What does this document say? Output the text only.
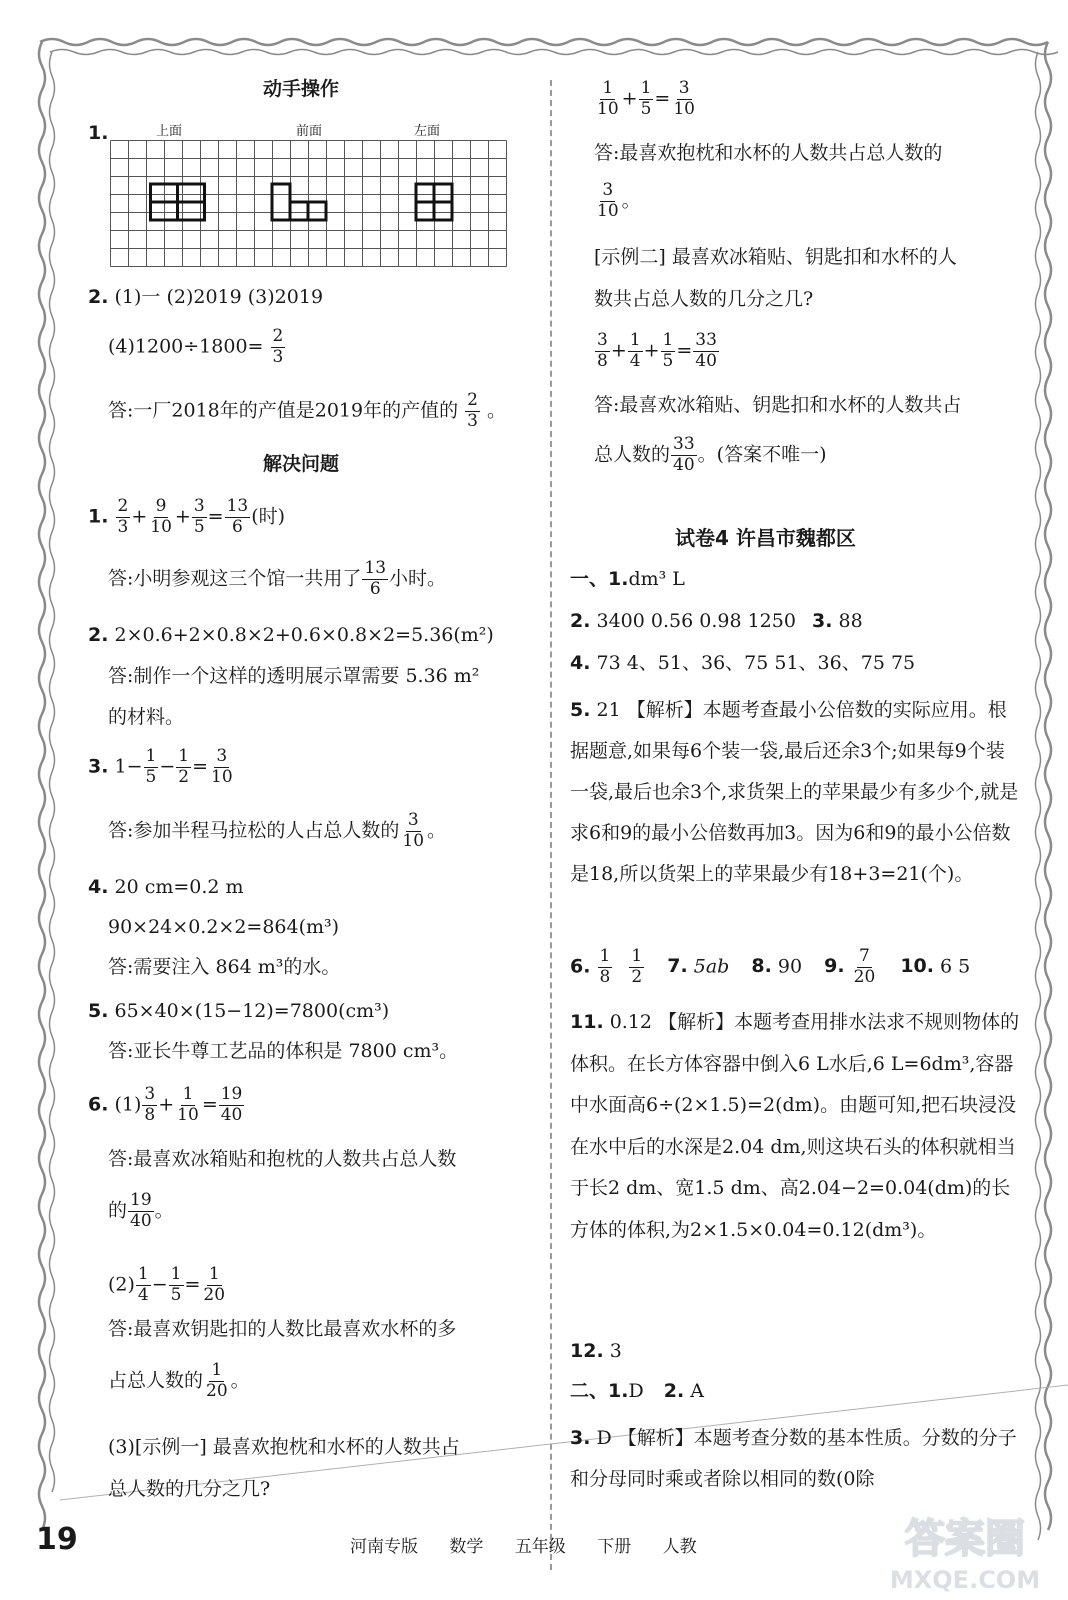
动手操作
1.	上面	前面	左面
2. (1)一 (2)2019 (3)2019
$(4)1200\div 1800= \frac{2}{3}$
答:一厂2018年的产值是2019年的产值的 $\frac{2}{3}$ 。
解决问题
1. $\frac{2}{3} + \frac{9}{10} + \frac{3}{5} = \frac{13}{6}$ (时)
答:小明参观这三个馆一共用了 $\frac{13}{6}$ 小时。
2. 2×0.6+2×0.8×2+0.6×0.8×2=5.36(m²)
答:制作一个这样的透明展示罩需要 5.36 m²
的材料。
3. $1- \frac{1}{5} - \frac{1}{2} = \frac{3}{10}$
答:参加半程马拉松的人占总人数的 $\frac{3}{10}$ 。
4. 20 cm=0.2 m
90×24×0.2×2=864(m³)
答:需要注入 864 m³的水。
5. 65×40×(15−12)=7800(cm³)
答:亚长牛尊工艺品的体积是 7800 cm³。
6. $(1) \frac{3}{8} + \frac{1}{10} = \frac{19}{40}$
答:最喜欢冰箱贴和抱枕的人数共占总人数
的 $\frac{19}{40}$ 。
$(2) \frac{1}{4} - \frac{1}{5} = \frac{1}{20}$
答:最喜欢钥匙扣的人数比最喜欢水杯的多
占总人数的 $\frac{1}{20}$ 。
(3)[示例一] 最喜欢抱枕和水杯的人数共占
总人数的几分之几?
$\frac{1}{10} + \frac{1}{5} = \frac{3}{10}$
答:最喜欢抱枕和水杯的人数共占总人数的
$\frac{3}{10}$ 。
[示例二] 最喜欢冰箱贴、钥匙扣和水杯的人
数共占总人数的几分之几?
$\frac{3}{8} + \frac{1}{4} + \frac{1}{5} = \frac{33}{40}$
答:最喜欢冰箱贴、钥匙扣和水杯的人数共占
总人数的 $\frac{33}{40}$ 。(答案不唯一)
试卷4 许昌市魏都区
一、1.dm³ L
2. 3400 0.56 0.98 1250 3. 88
4. 73 4、51、36、75 51、36、75 75
5. 21 【解析】本题考查最小公倍数的实际应用。根据题意,如果每6个装一袋,最后还余3个;如果每9个装一袋,最后也余3个,求货架上的苹果最少有多少个,就是求6和9的最小公倍数再加3。因为6和9的最小公倍数是18,所以货架上的苹果最少有18+3=21(个)。
6. $\frac{1}{8}$
$\frac{1}{2} 7$. 5ab 8. 90 9. $\frac{7}{20} 10$. 6 5
11. 0.12 【解析】本题考查用排水法求不规则物体的体积。在长方体容器中倒入6 L水后,6 L=6dm³,容器中水面高6÷(2×1.5)=2(dm)。由题可知,把石块浸没在水中后的水深是2.04 dm,则这块石头的体积就相当于长2 dm、宽1.5 dm、高2.04−2=0.04(dm)的长方体的体积,为2×1.5×0.04=0.12(dm³)。
12. 3
二、1.D 2. A
3. D 【解析】本题考查分数的基本性质。分数的分子和分母同时乘或者除以相同的数(0除
19	河南专版 数学 五年级 下册 人教	答案圈
MXQE.COM
